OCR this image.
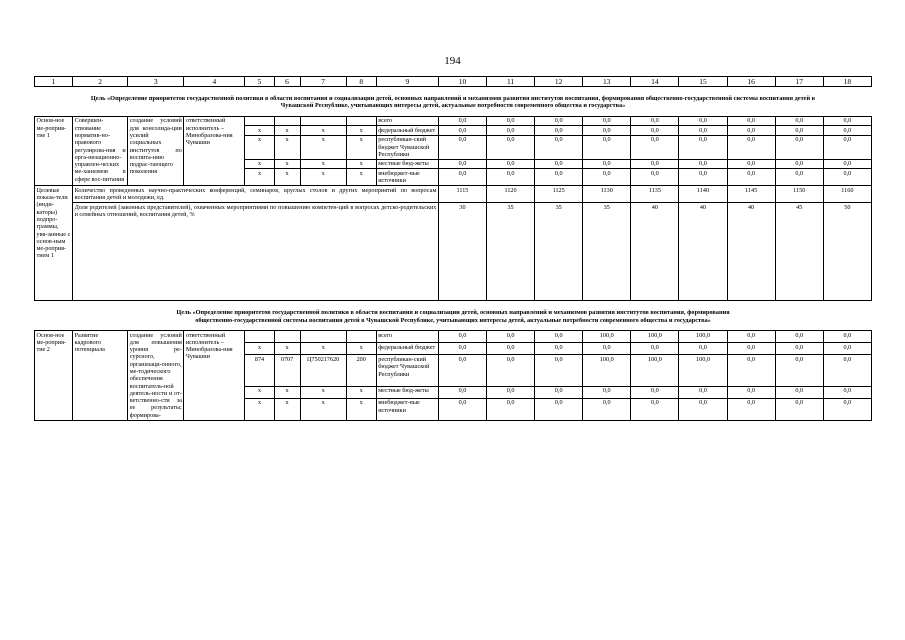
194
1	2	3	4	5	6	7	8	9	10	11	12	13	14	15	16	17	18
Цель «Определение приоритетов государственной политики в области воспитания и социализации детей, основных направлений и механизмов развития институтов воспитания, формирования общественно-государственной системы воспитания детей в Чувашской Республике, учитывающих интересы детей, актуальные потребности современного общества и государства»																	
Основ-ное ме-роприя-тие 1	Совершен-ствование норматив-но-правового регулирова-ния и орга-низационно-управлен-ческих ме-ханизмов в сфере вос-питания	создание условий для консолида-ции усилий социальных институтов по воспита-нию подрас-тающего поколения	ответственный исполнитель – Минобразова-ния Чувашии					всего	0,0	0,0	0,0	0,0	0,0	0,0	0,0	0,0	0,0
				х	х	х	х	федеральный бюджет	0,0	0,0	0,0	0,0	0,0	0,0	0,0	0,0	0,0
				х	х	х	х	республикан-ский бюджет Чувашской Республики	0,0	0,0	0,0	0,0	0,0	0,0	0,0	0,0	0,0
				х	х	х	х	местные бюд-жеты	0,0	0,0	0,0	0,0	0,0	0,0	0,0	0,0	0,0
				х	х	х	х	внебюджет-ные источники	0,0	0,0	0,0	0,0	0,0	0,0	0,0	0,0	0,0
Целевые показа-тели (инди-каторы) подпро-граммы, увя-занные с основ-ным ме-роприя-тием 1	Количество проведенных научно-практических конференций, семинаров, круглых столов и других мероприятий по вопросам воспитания детей и молодежи, ед.								1115	1120	1125	1130	1135	1140	1145	1150	1160
	Доля родителей (законных представителей), охваченных мероприятиями по повышению компетен-ций в вопросах детско-родительских и семейных отношений, воспитания детей, %								30	35	35	35	40	40	40	45	50
Цель «Определение приоритетов государственной политики в области воспитания и социализации детей, основных направлений и механизмов развития институтов воспитания, формирования общественно-государственной системы воспитания детей в Чувашской Республике, учитывающих интересы детей, актуальные потребности современного общества и государства»																	
Основ-ное ме-роприя-тие 2	Развитие кадрового потенциала	создание условий для повышения уровня ре-сурсного, организаци-онного, ме-тодического обеспечения воспитатель-ной деятель-ности и от-ветственно-сти за ее результаты; формирова-	ответственный исполнитель – Минобразова-ния Чувашии					всего	0,0	0,0	0,0	100,0	100,0	100,0	0,0	0,0	0,0
				х	х	х	х	федеральный бюджет	0,0	0,0	0,0	0,0	0,0	0,0	0,0	0,0	0,0
				874	0707	Ц750217620	200	республикан-ский бюджет Чувашской Республики	0,0	0,0	0,0	100,0	100,0	100,0	0,0	0,0	0,0
				х	х	х	х	местные бюд-жеты	0,0	0,0	0,0	0,0	0,0	0,0	0,0	0,0	0,0
				х	х	х	х	внебюджет-ные источники	0,0	0,0	0,0	0,0	0,0	0,0	0,0	0,0	0,0
